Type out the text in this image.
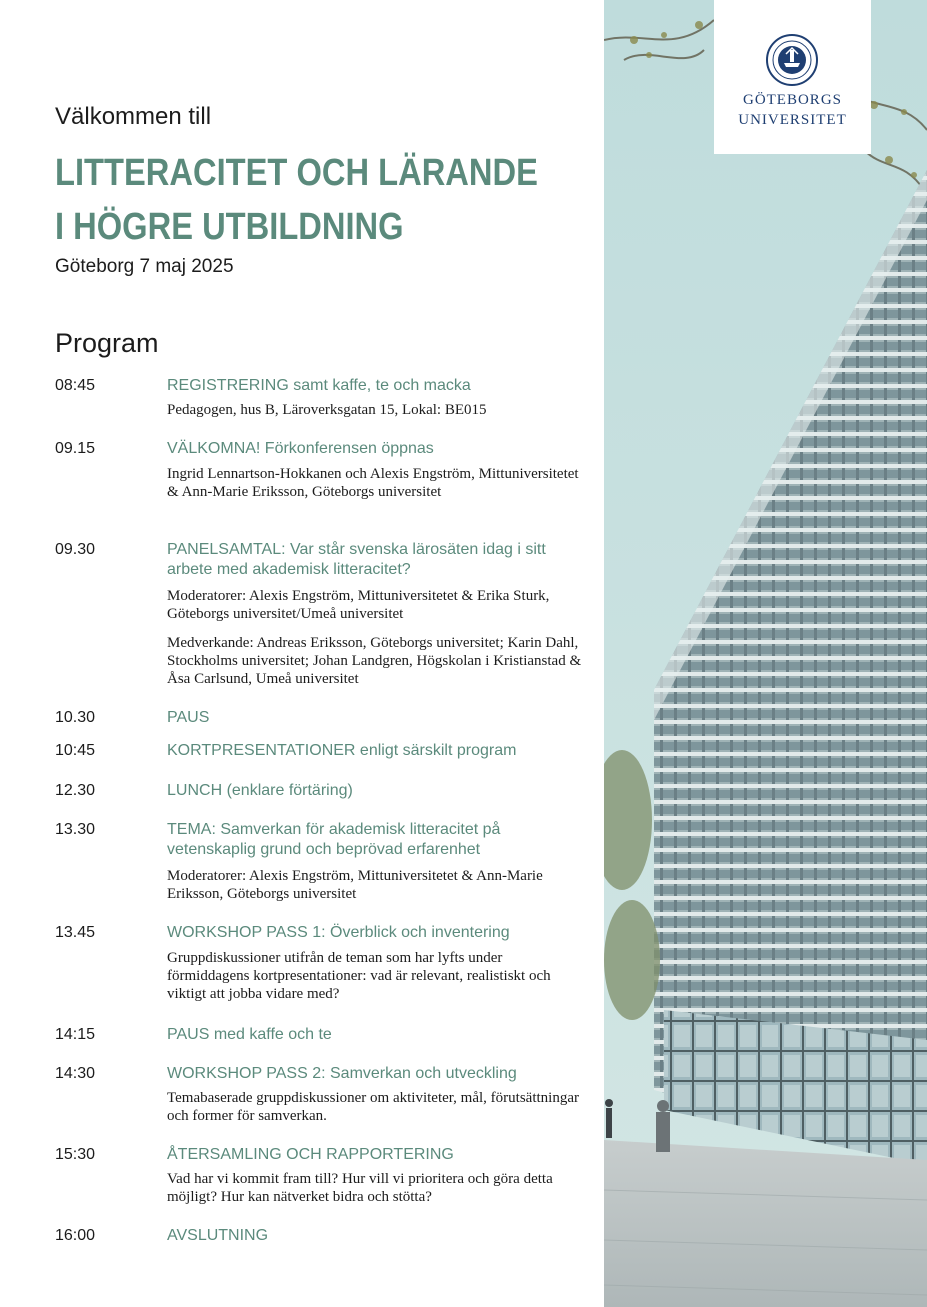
Välkommen till
LITTERACITET OCH LÄRANDE
I HÖGRE UTBILDNING
Göteborg 7 maj 2025
Program
08:45	REGISTRERING samt kaffe, te och macka

Pedagogen, hus B, Läroverksgatan 15, Lokal: BE015

09.15	VÄLKOMNA! Förkonferensen öppnas

Ingrid Lennartson-Hokkanen och Alexis Engström, Mittuniversitetet & Ann-Marie Eriksson, Göteborgs universitet

09.30	PANELSAMTAL: Var står svenska lärosäten idag i sitt arbete med akademisk litteracitet?

Moderatorer: Alexis Engström, Mittuniversitetet & Erika Sturk, Göteborgs universitet/Umeå universitet

Medverkande: Andreas Eriksson, Göteborgs universitet; Karin Dahl, Stockholms universitet; Johan Landgren, Högskolan i Kristianstad & Åsa Carlsund, Umeå universitet

10.30	PAUS
10:45	KORTPRESENTATIONER enligt särskilt program
12.30	LUNCH (enklare förtäring)
13.30	TEMA: Samverkan för akademisk litteracitet på vetenskaplig grund och beprövad erfarenhet

Moderatorer: Alexis Engström, Mittuniversitetet & Ann-Marie Eriksson, Göteborgs universitet

13.45	WORKSHOP PASS 1: Överblick och inventering

Gruppdiskussioner utifrån de teman som har lyfts under förmiddagens kortpresentationer: vad är relevant, realistiskt och viktigt att jobba vidare med?

14:15	PAUS med kaffe och te
14:30	WORKSHOP PASS 2: Samverkan och utveckling

Temabaserade gruppdiskussioner om aktiviteter, mål, förutsättningar och former för samverkan.

15:30	ÅTERSAMLING OCH RAPPORTERING

Vad har vi kommit fram till? Hur vill vi prioritera och göra detta möjligt? Hur kan nätverket bidra och stötta?

16:00	AVSLUTNING
GÖTEBORGS
UNIVERSITET
